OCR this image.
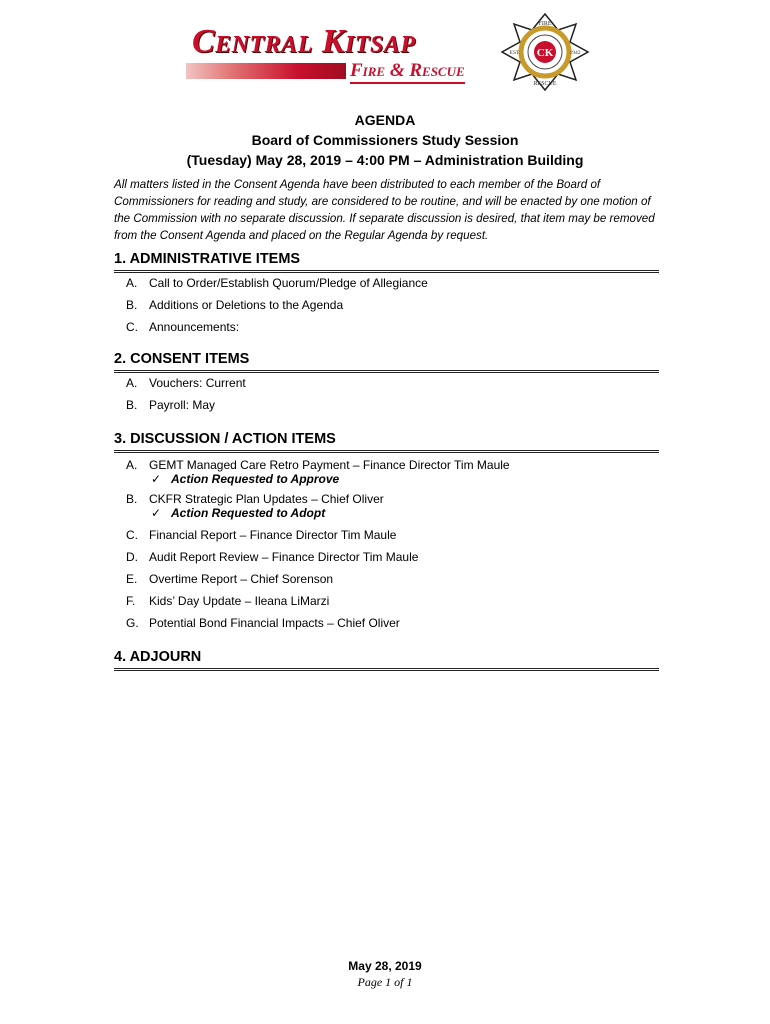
Central Kitsap
Fire & Rescue
CK
FIRE
RESCUE
EST.	1942
AGENDA
Board of Commissioners Study Session
(Tuesday) May 28, 2019 – 4:00 PM – Administration Building
All matters listed in the Consent Agenda have been distributed to each member of the Board of Commissioners for reading and study, are considered to be routine, and will be enacted by one motion of the Commission with no separate discussion. If separate discussion is desired, that item may be removed from the Consent Agenda and placed on the Regular Agenda by request.
1. ADMINISTRATIVE ITEMS
A. Call to Order/Establish Quorum/Pledge of Allegiance
B. Additions or Deletions to the Agenda
C. Announcements:
2. CONSENT ITEMS
A. Vouchers: Current
B. Payroll: May
3. DISCUSSION / ACTION ITEMS
A. GEMT Managed Care Retro Payment – Finance Director Tim Maule
✓ Action Requested to Approve
B. CKFR Strategic Plan Updates – Chief Oliver
✓ Action Requested to Adopt
C. Financial Report – Finance Director Tim Maule
D. Audit Report Review – Finance Director Tim Maule
E. Overtime Report – Chief Sorenson
F. Kids’ Day Update – Ileana LiMarzi
G. Potential Bond Financial Impacts – Chief Oliver
4. ADJOURN
May 28, 2019
Page 1 of 1
